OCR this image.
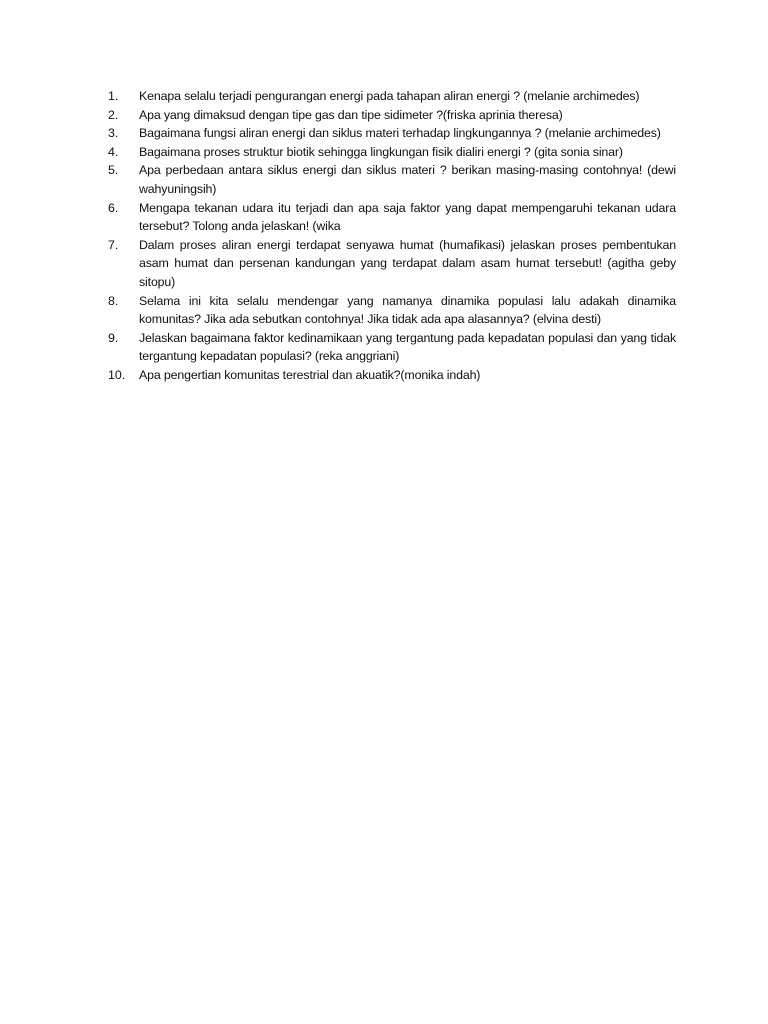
1.	Kenapa selalu terjadi pengurangan energi pada tahapan aliran energi ? (melanie archimedes)
2.	Apa yang dimaksud dengan tipe gas dan tipe sidimeter ?(friska aprinia theresa)
3.	Bagaimana fungsi aliran energi dan siklus materi terhadap lingkungannya ? (melanie archimedes)
4.	Bagaimana proses struktur biotik sehingga lingkungan fisik dialiri energi ? (gita sonia sinar)
5.	Apa perbedaan antara siklus energi dan siklus materi ? berikan masing-masing contohnya! (dewi wahyuningsih)
6.	Mengapa tekanan udara itu terjadi dan apa saja faktor yang dapat mempengaruhi tekanan udara tersebut? Tolong anda jelaskan! (wika
7.	Dalam proses aliran energi terdapat senyawa humat (humafikasi) jelaskan proses pembentukan asam humat dan persenan kandungan yang terdapat dalam asam humat tersebut! (agitha geby sitopu)
8.	Selama ini kita selalu mendengar yang namanya dinamika populasi lalu adakah dinamika komunitas? Jika ada sebutkan contohnya! Jika tidak ada apa alasannya? (elvina desti)
9.	Jelaskan bagaimana faktor kedinamikaan yang tergantung pada kepadatan populasi dan yang tidak tergantung kepadatan populasi? (reka anggriani)
10.	Apa pengertian komunitas terestrial dan akuatik?(monika indah)
